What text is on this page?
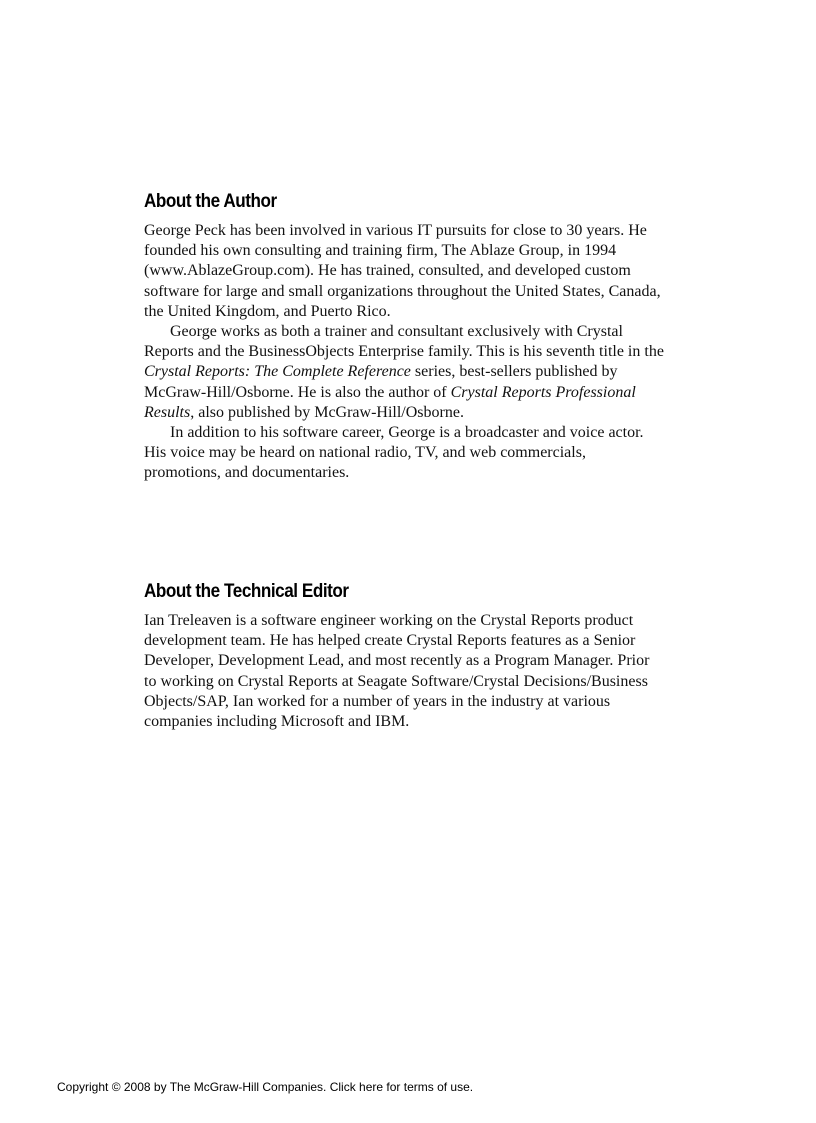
About the Author

George Peck has been involved in various IT pursuits for close to 30 years. He founded his own consulting and training firm, The Ablaze Group, in 1994 (www.AblazeGroup.com). He has trained, consulted, and developed custom software for large and small organizations throughout the United States, Canada, the United Kingdom, and Puerto Rico.

George works as both a trainer and consultant exclusively with Crystal Reports and the BusinessObjects Enterprise family. This is his seventh title in the Crystal Reports: The Complete Reference series, best-sellers published by McGraw-Hill/Osborne. He is also the author of Crystal Reports Professional Results, also published by McGraw-Hill/Osborne.

In addition to his software career, George is a broadcaster and voice actor. His voice may be heard on national radio, TV, and web commercials, promotions, and documentaries.

About the Technical Editor

Ian Treleaven is a software engineer working on the Crystal Reports product development team. He has helped create Crystal Reports features as a Senior Developer, Development Lead, and most recently as a Program Manager. Prior to working on Crystal Reports at Seagate Software/Crystal Decisions/Business Objects/SAP, Ian worked for a number of years in the industry at various companies including Microsoft and IBM.

Copyright © 2008 by The McGraw-Hill Companies. Click here for terms of use.
